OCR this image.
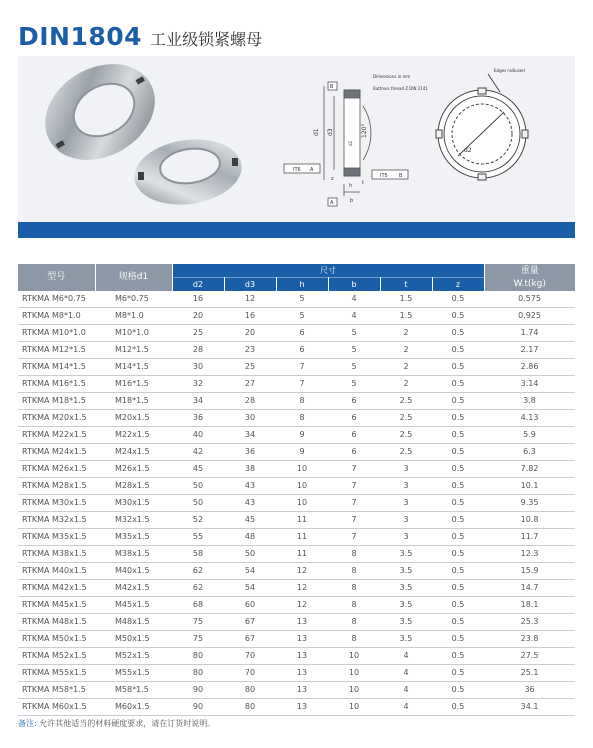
DIN1804 工业级锁紧螺母
Dimensions in mm
Buttress thread Z DIN 2141
d1 d3
d2
120°
h t
z
b
IT6 A
IT5 B
A
B
Edges radiused
d2
型号	规格d1	尺寸						重量
W.t(kg)

		d2	d3	h	b	t	z	
RTKMA M6*0.75	M6*0.75	16	12	5	4	1.5	0.5	0.575
RTKMA M8*1.0	M8*1.0	20	16	5	4	1.5	0.5	0.925
RTKMA M10*1.0	M10*1.0	25	20	6	5	2	0.5	1.74
RTKMA M12*1.5	M12*1.5	28	23	6	5	2	0.5	2.17
RTKMA M14*1.5	M14*1.5	30	25	7	5	2	0.5	2.86
RTKMA M16*1.5	M16*1.5	32	27	7	5	2	0.5	3.14
RTKMA M18*1.5	M18*1.5	34	28	8	6	2.5	0.5	3.8
RTKMA M20x1.5	M20x1.5	36	30	8	6	2.5	0.5	4.13
RTKMA M22x1.5	M22x1.5	40	34	9	6	2.5	0.5	5.9
RTKMA M24x1.5	M24x1.5	42	36	9	6	2.5	0.5	6.3
RTKMA M26x1.5	M26x1.5	45	38	10	7	3	0.5	7.82
RTKMA M28x1.5	M28x1.5	50	43	10	7	3	0.5	10.1
RTKMA M30x1.5	M30x1.5	50	43	10	7	3	0.5	9.35
RTKMA M32x1.5	M32x1.5	52	45	11	7	3	0.5	10.8
RTKMA M35x1.5	M35x1.5	55	48	11	7	3	0.5	11.7
RTKMA M38x1.5	M38x1.5	58	50	11	8	3.5	0.5	12.3
RTKMA M40x1.5	M40x1.5	62	54	12	8	3.5	0.5	15.9
RTKMA M42x1.5	M42x1.5	62	54	12	8	3.5	0.5	14.7
RTKMA M45x1.5	M45x1.5	68	60	12	8	3.5	0.5	18.1
RTKMA M48x1.5	M48x1.5	75	67	13	8	3.5	0.5	25.3
RTKMA M50x1.5	M50x1.5	75	67	13	8	3.5	0.5	23.8
RTKMA M52x1.5	M52x1.5	80	70	13	10	4	0.5	27.5
RTKMA M55x1.5	M55x1.5	80	70	13	10	4	0.5	25.1
RTKMA M58*1.5	M58*1.5	90	80	13	10	4	0.5	36
RTKMA M60x1.5	M60x1.5	90	80	13	10	4	0.5	34.1
备注: 允许其他适当的材料硬度要求，请在订货时说明。
